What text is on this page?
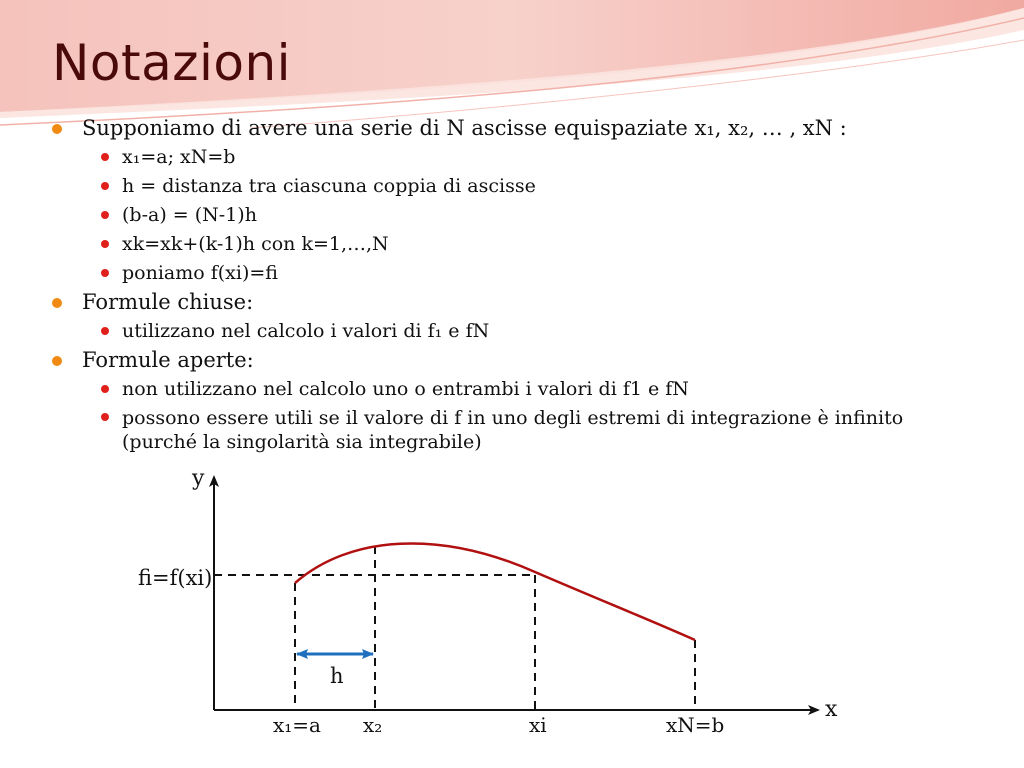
Notazioni
Supponiamo di avere una serie di N ascisse equispaziate x₁, x₂, … , xN :
x₁=a; xN=b
h = distanza tra ciascuna coppia di ascisse
(b-a) = (N-1)h
xk=xk+(k-1)h con k=1,…,N
poniamo f(xi)=fi
Formule chiuse:
utilizzano nel calcolo i valori di f₁ e fN
Formule aperte:
non utilizzano nel calcolo uno o entrambi i valori di f1 e fN
possono essere utili se il valore di f in uno degli estremi di integrazione è infinito (purché la singolarità sia integrabile)
y
x
h
fi=f(xi)
x₁=a x₂	xi	xN=b
